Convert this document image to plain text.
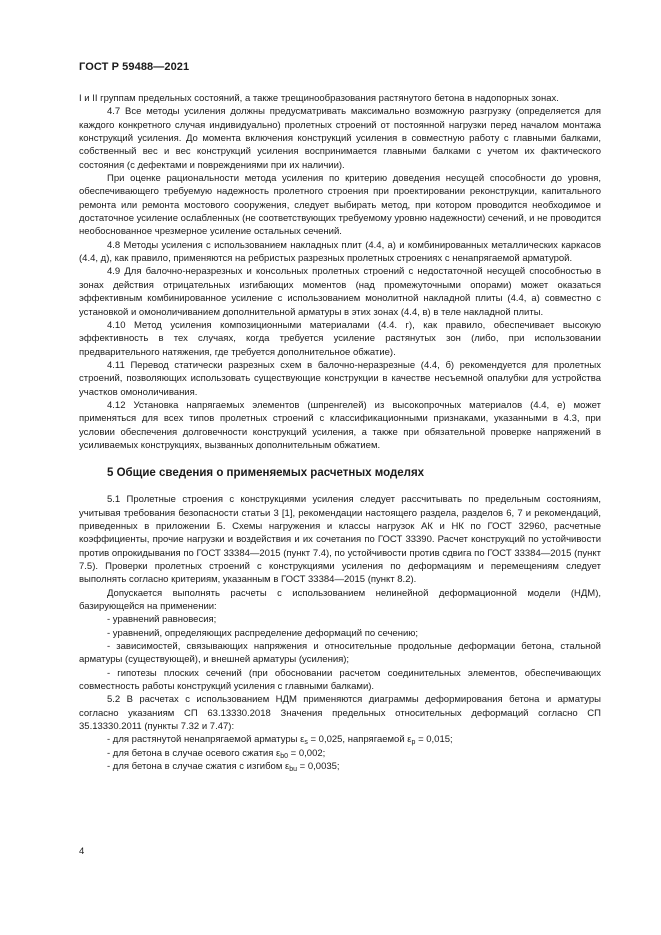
ГОСТ Р 59488—2021

I и II группам предельных состояний, а также трещинообразования растянутого бетона в надопорных зонах.

4.7 Все методы усиления должны предусматривать максимально возможную разгрузку (определяется для каждого конкретного случая индивидуально) пролетных строений от постоянной нагрузки перед началом монтажа конструкций усиления. До момента включения конструкций усиления в совместную работу с главными балками, собственный вес и вес конструкций усиления воспринимается главными балками с учетом их фактического состояния (с дефектами и повреждениями при их наличии).

При оценке рациональности метода усиления по критерию доведения несущей способности до уровня, обеспечивающего требуемую надежность пролетного строения при проектировании реконструкции, капитального ремонта или ремонта мостового сооружения, следует выбирать метод, при котором проводится необходимое и достаточное усиление ослабленных (не соответствующих требуемому уровню надежности) сечений, и не проводится необоснованное чрезмерное усиление остальных сечений.

4.8 Методы усиления с использованием накладных плит (4.4, а) и комбинированных металлических каркасов (4.4, д), как правило, применяются на ребристых разрезных пролетных строениях с ненапрягаемой арматурой.

4.9 Для балочно-неразрезных и консольных пролетных строений с недостаточной несущей способностью в зонах действия отрицательных изгибающих моментов (над промежуточными опорами) может оказаться эффективным комбинированное усиление с использованием монолитной накладной плиты (4.4, а) совместно с установкой и омоноличиванием дополнительной арматуры в этих зонах (4.4, в) в теле накладной плиты.

4.10 Метод усиления композиционными материалами (4.4. г), как правило, обеспечивает высокую эффективность в тех случаях, когда требуется усиление растянутых зон (либо, при использовании предварительного натяжения, где требуется дополнительное обжатие).

4.11 Перевод статически разрезных схем в балочно-неразрезные (4.4, б) рекомендуется для пролетных строений, позволяющих использовать существующие конструкции в качестве несъемной опалубки для устройства участков омоноличивания.

4.12 Установка напрягаемых элементов (шпренгелей) из высокопрочных материалов (4.4, е) может применяться для всех типов пролетных строений с классификационными признаками, указанными в 4.3, при условии обеспечения долговечности конструкций усиления, а также при обязательной проверке напряжений в усиливаемых конструкциях, вызванных дополнительным обжатием.

5 Общие сведения о применяемых расчетных моделях

5.1 Пролетные строения с конструкциями усиления следует рассчитывать по предельным состояниям, учитывая требования безопасности статьи 3 [1], рекомендации настоящего раздела, разделов 6, 7 и рекомендаций, приведенных в приложении Б. Схемы нагружения и классы нагрузок АК и НК по ГОСТ 32960, расчетные коэффициенты, прочие нагрузки и воздействия и их сочетания по ГОСТ 33390. Расчет конструкций по устойчивости против опрокидывания по ГОСТ 33384—2015 (пункт 7.4), по устойчивости против сдвига по ГОСТ 33384—2015 (пункт 7.5). Проверки пролетных строений с конструкциями усиления по деформациям и перемещениям следует выполнять согласно критериям, указанным в ГОСТ 33384—2015 (пункт 8.2).

Допускается выполнять расчеты с использованием нелинейной деформационной модели (НДМ), базирующейся на применении:

- уравнений равновесия;

- уравнений, определяющих распределение деформаций по сечению;

- зависимостей, связывающих напряжения и относительные продольные деформации бетона, стальной арматуры (существующей), и внешней арматуры (усиления);

- гипотезы плоских сечений (при обосновании расчетом соединительных элементов, обеспечивающих совместность работы конструкций усиления с главными балками).

5.2 В расчетах с использованием НДМ применяются диаграммы деформирования бетона и арматуры согласно указаниям СП 63.13330.2018 Значения предельных относительных деформаций согласно СП 35.13330.2011 (пункты 7.32 и 7.47):

- для растянутой ненапрягаемой арматуры $\varepsilon_s = 0,025$, напрягаемой $\varepsilon_p = 0,015$;

- для бетона в случае осевого сжатия $\varepsilon_{b0} = 0,002$;

- для бетона в случае сжатия с изгибом $\varepsilon_{bu} = 0,0035$;

4
